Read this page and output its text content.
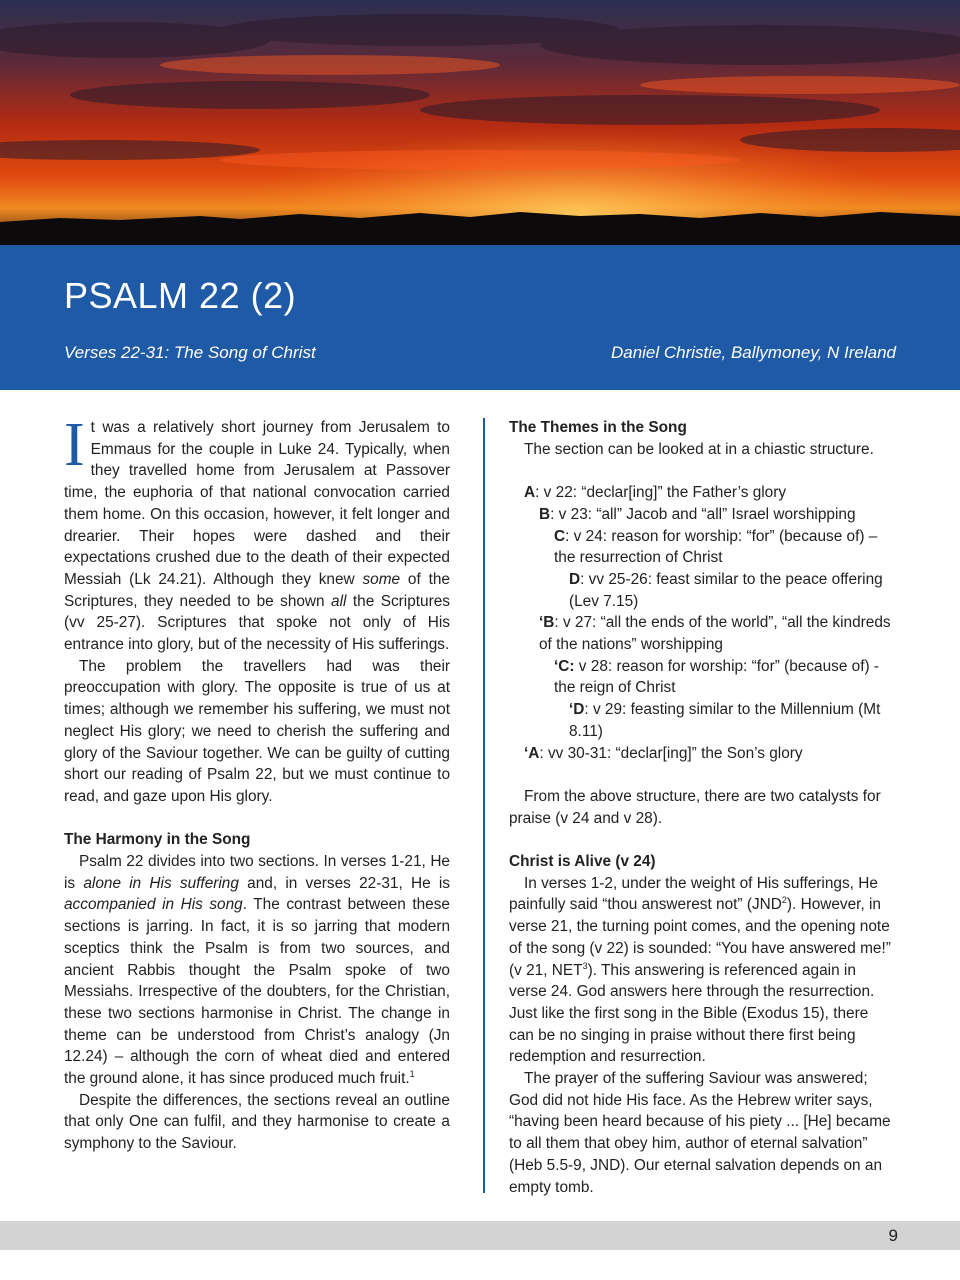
PSALM 22 (2)
Verses 22-31: The Song of Christ	Daniel Christie, Ballymoney, N Ireland

It was a relatively short journey from Jerusalem to Emmaus for the couple in Luke 24. Typically, when they travelled home from Jerusalem at Passover time, the euphoria of that national convocation carried them home. On this occasion, however, it felt longer and drearier. Their hopes were dashed and their expectations crushed due to the death of their expected Messiah (Lk 24.21). Although they knew some of the Scriptures, they needed to be shown all the Scriptures (vv 25-27). Scriptures that spoke not only of His entrance into glory, but of the necessity of His sufferings.

The problem the travellers had was their preoccupation with glory. The opposite is true of us at times; although we remember his suffering, we must not neglect His glory; we need to cherish the suffering and glory of the Saviour together. We can be guilty of cutting short our reading of Psalm 22, but we must continue to read, and gaze upon His glory.

The Harmony in the Song

Psalm 22 divides into two sections. In verses 1-21, He is alone in His suffering and, in verses 22-31, He is accompanied in His song. The contrast between these sections is jarring. In fact, it is so jarring that modern sceptics think the Psalm is from two sources, and ancient Rabbis thought the Psalm spoke of two Messiahs. Irrespective of the doubters, for the Christian, these two sections harmonise in Christ. The change in theme can be understood from Christ’s analogy (Jn 12.24) – although the corn of wheat died and entered the ground alone, it has since produced much fruit.$^1$

Despite the differences, the sections reveal an outline that only One can fulfil, and they harmonise to create a symphony to the Saviour.

The Themes in the Song

The section can be looked at in a chiastic structure.

A: v 22: “declar[ing]” the Father’s glory

B: v 23: “all” Jacob and “all” Israel worshipping

C: v 24: reason for worship: “for” (because of) – the resurrection of Christ

D: vv 25-26: feast similar to the peace offering (Lev 7.15)

‘B: v 27: “all the ends of the world”, “all the kindreds of the nations” worshipping

‘C: v 28: reason for worship: “for” (because of) - the reign of Christ

‘D: v 29: feasting similar to the Millennium (Mt 8.11)

‘A: vv 30-31: “declar[ing]” the Son’s glory

From the above structure, there are two catalysts for praise (v 24 and v 28).

Christ is Alive (v 24)

In verses 1-2, under the weight of His sufferings, He painfully said “thou answerest not” (JND$^2$). However, in verse 21, the turning point comes, and the opening note of the song (v 22) is sounded: “You have answered me!” (v 21, NET$^3$). This answering is referenced again in verse 24. God answers here through the resurrection. Just like the first song in the Bible (Exodus 15), there can be no singing in praise without there first being redemption and resurrection.

The prayer of the suffering Saviour was answered; God did not hide His face. As the Hebrew writer says, “having been heard because of his piety ... [He] became to all them that obey him, author of eternal salvation” (Heb 5.5-9, JND). Our eternal salvation depends on an empty tomb.

9
